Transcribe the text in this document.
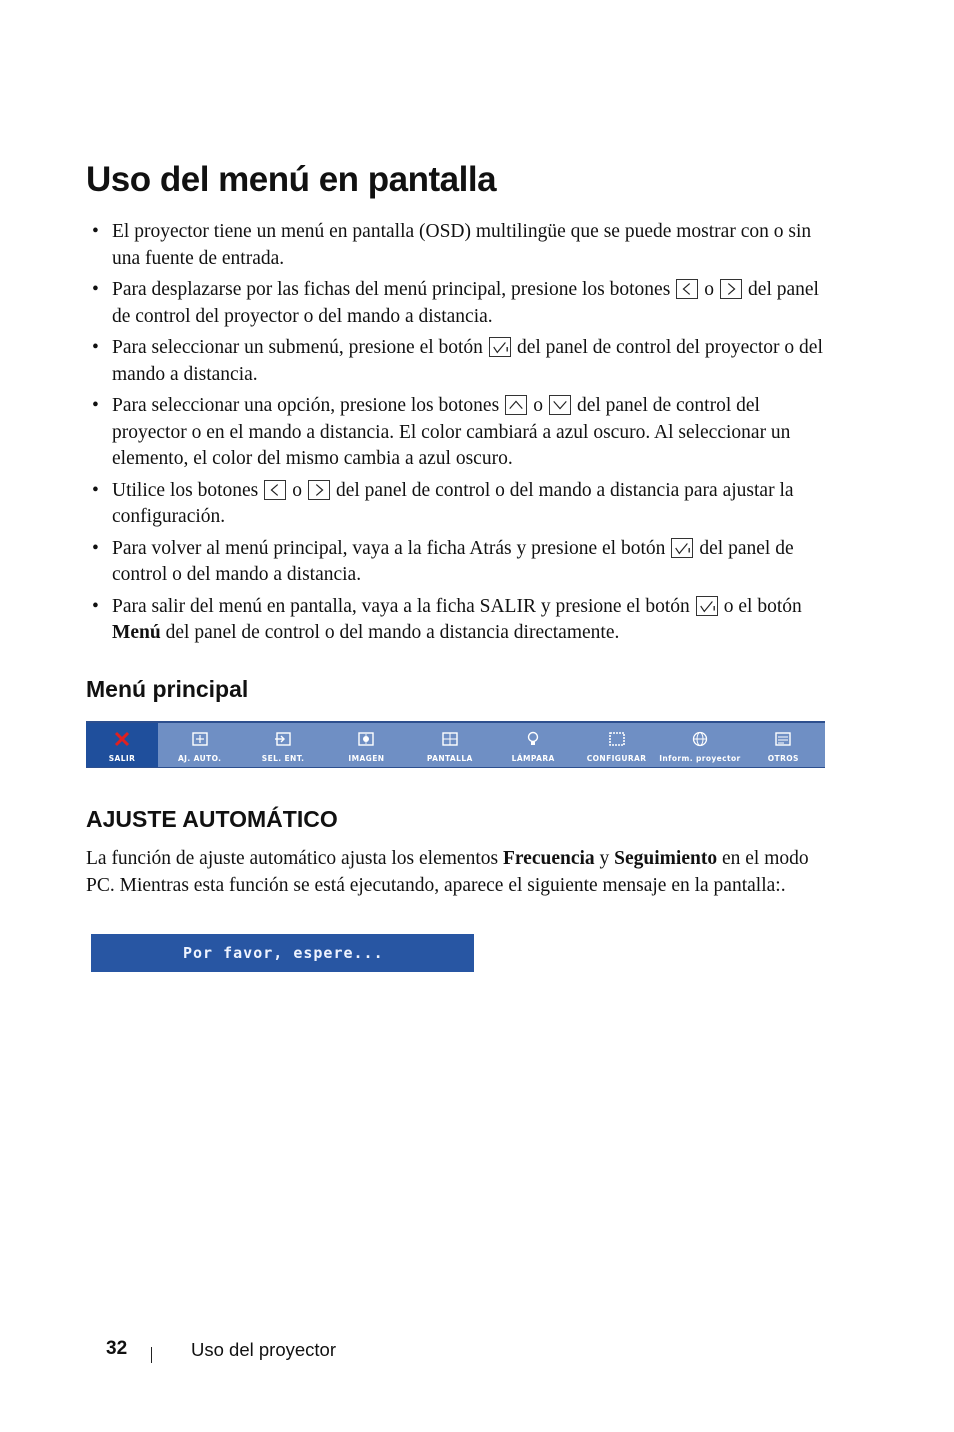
Uso del menú en pantalla
• El proyector tiene un menú en pantalla (OSD) multilingüe que se puede mostrar con o sin una fuente de entrada.
• Para desplazarse por las fichas del menú principal, presione los botones o del panel de control del proyector o del mando a distancia.
• Para seleccionar un submenú, presione el botón del panel de control del proyector o del mando a distancia.
• Para seleccionar una opción, presione los botones o del panel de control del proyector o en el mando a distancia. El color cambiará a azul oscuro. Al seleccionar un elemento, el color del mismo cambia a azul oscuro.
• Utilice los botones o del panel de control o del mando a distancia para ajustar la configuración.
• Para volver al menú principal, vaya a la ficha Atrás y presione el botón del panel de control o del mando a distancia.
• Para salir del menú en pantalla, vaya a la ficha SALIR y presione el botón o el botón Menú del panel de control o del mando a distancia directamente.
Menú principal
SALIR	AJ. AUTO.	SEL. ENT.	IMAGEN	PANTALLA	LÁMPARA	CONFIGURAR	Inform. proyector	OTROS
AJUSTE AUTOMÁTICO

La función de ajuste automático ajusta los elementos Frecuencia y Seguimiento en el modo PC. Mientras esta función se está ejecutando, aparece el siguiente mensaje en la pantalla:.

Por favor, espere...
32	Uso del proyector
